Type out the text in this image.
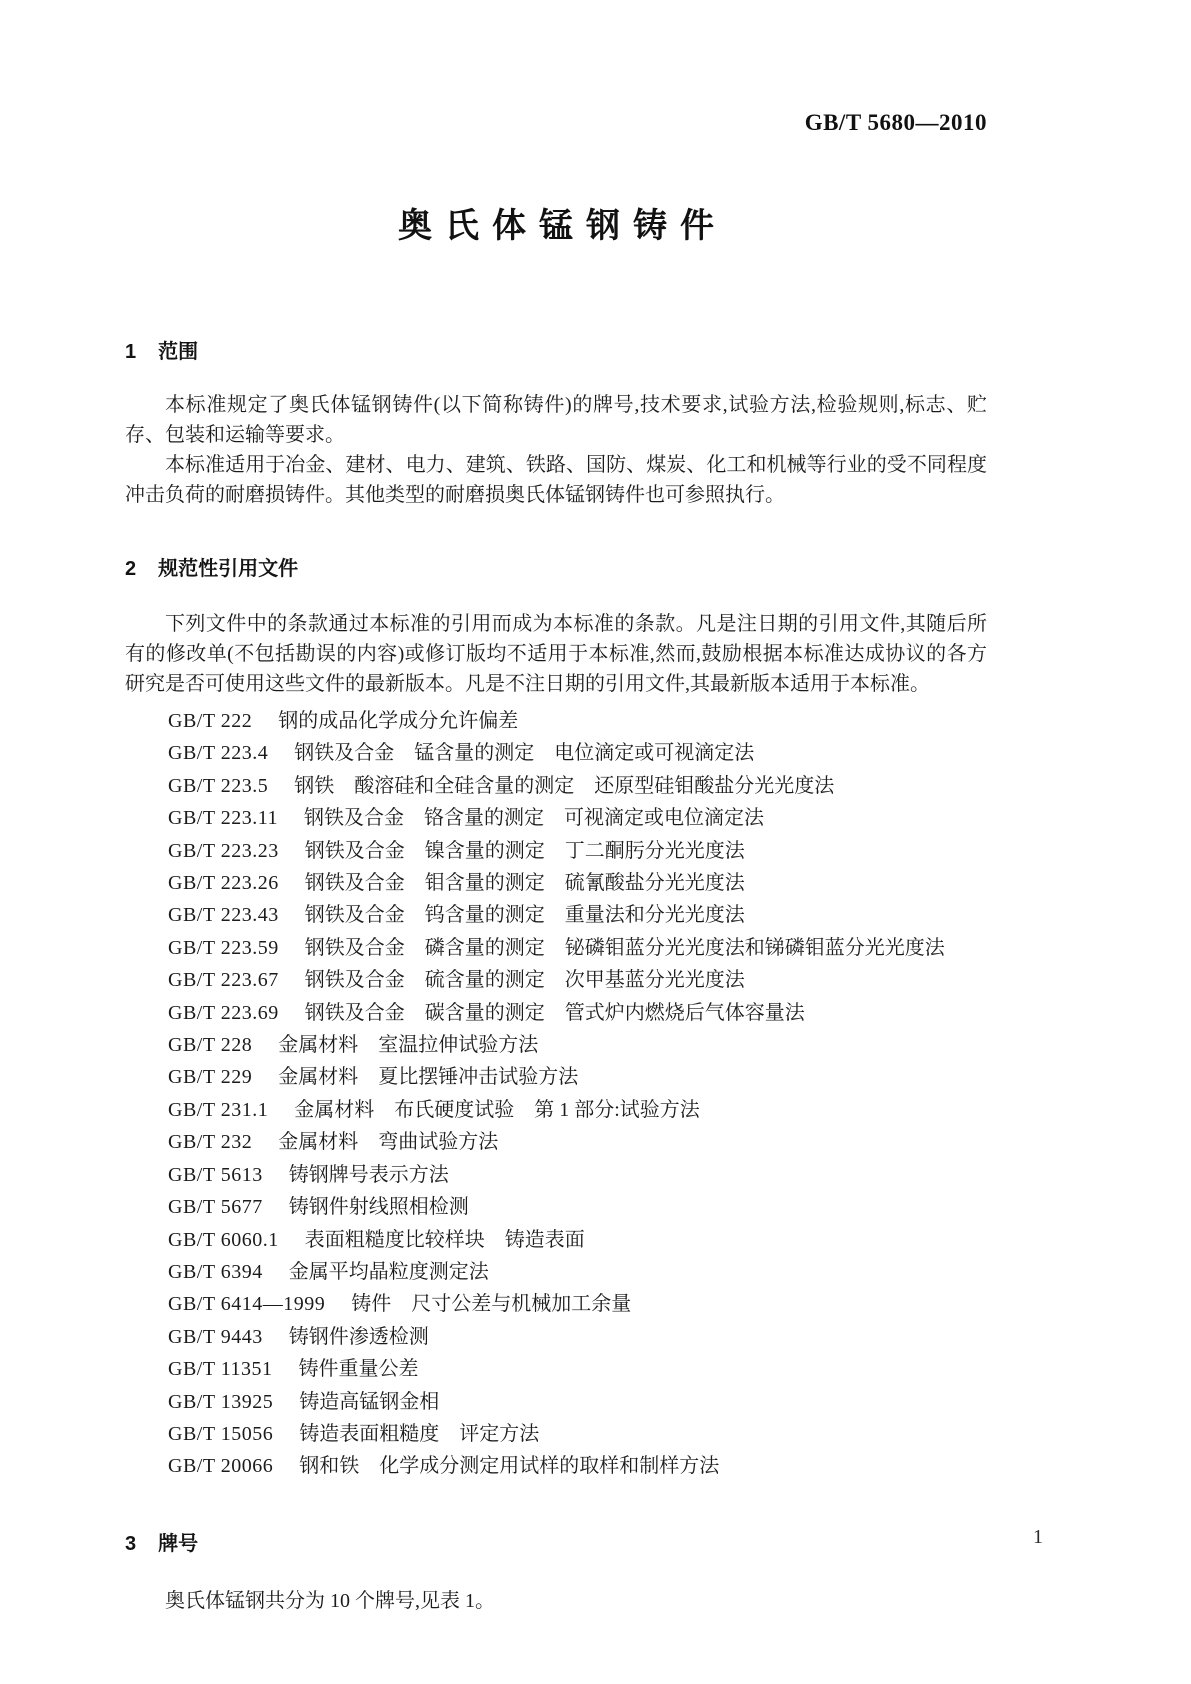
GB/T 5680—2010
奥氏体锰钢铸件
1 范围

本标准规定了奥氏体锰钢铸件(以下简称铸件)的牌号,技术要求,试验方法,检验规则,标志、贮存、包装和运输等要求。

本标准适用于冶金、建材、电力、建筑、铁路、国防、煤炭、化工和机械等行业的受不同程度冲击负荷的耐磨损铸件。其他类型的耐磨损奥氏体锰钢铸件也可参照执行。

2 规范性引用文件

下列文件中的条款通过本标准的引用而成为本标准的条款。凡是注日期的引用文件,其随后所有的修改单(不包括勘误的内容)或修订版均不适用于本标准,然而,鼓励根据本标准达成协议的各方研究是否可使用这些文件的最新版本。凡是不注日期的引用文件,其最新版本适用于本标准。

GB/T 222 钢的成品化学成分允许偏差
GB/T 223.4 钢铁及合金　锰含量的测定　电位滴定或可视滴定法
GB/T 223.5 钢铁　酸溶硅和全硅含量的测定　还原型硅钼酸盐分光光度法
GB/T 223.11 钢铁及合金　铬含量的测定　可视滴定或电位滴定法
GB/T 223.23 钢铁及合金　镍含量的测定　丁二酮肟分光光度法
GB/T 223.26 钢铁及合金　钼含量的测定　硫氰酸盐分光光度法
GB/T 223.43 钢铁及合金　钨含量的测定　重量法和分光光度法
GB/T 223.59 钢铁及合金　磷含量的测定　铋磷钼蓝分光光度法和锑磷钼蓝分光光度法
GB/T 223.67 钢铁及合金　硫含量的测定　次甲基蓝分光光度法
GB/T 223.69 钢铁及合金　碳含量的测定　管式炉内燃烧后气体容量法
GB/T 228 金属材料　室温拉伸试验方法
GB/T 229 金属材料　夏比摆锤冲击试验方法
GB/T 231.1 金属材料　布氏硬度试验　第 1 部分:试验方法
GB/T 232 金属材料　弯曲试验方法
GB/T 5613 铸钢牌号表示方法
GB/T 5677 铸钢件射线照相检测
GB/T 6060.1 表面粗糙度比较样块　铸造表面
GB/T 6394 金属平均晶粒度测定法
GB/T 6414—1999 铸件　尺寸公差与机械加工余量
GB/T 9443 铸钢件渗透检测
GB/T 11351 铸件重量公差
GB/T 13925 铸造高锰钢金相
GB/T 15056 铸造表面粗糙度　评定方法
GB/T 20066 钢和铁　化学成分测定用试样的取样和制样方法
3 牌号

奥氏体锰钢共分为 10 个牌号,见表 1。

1
